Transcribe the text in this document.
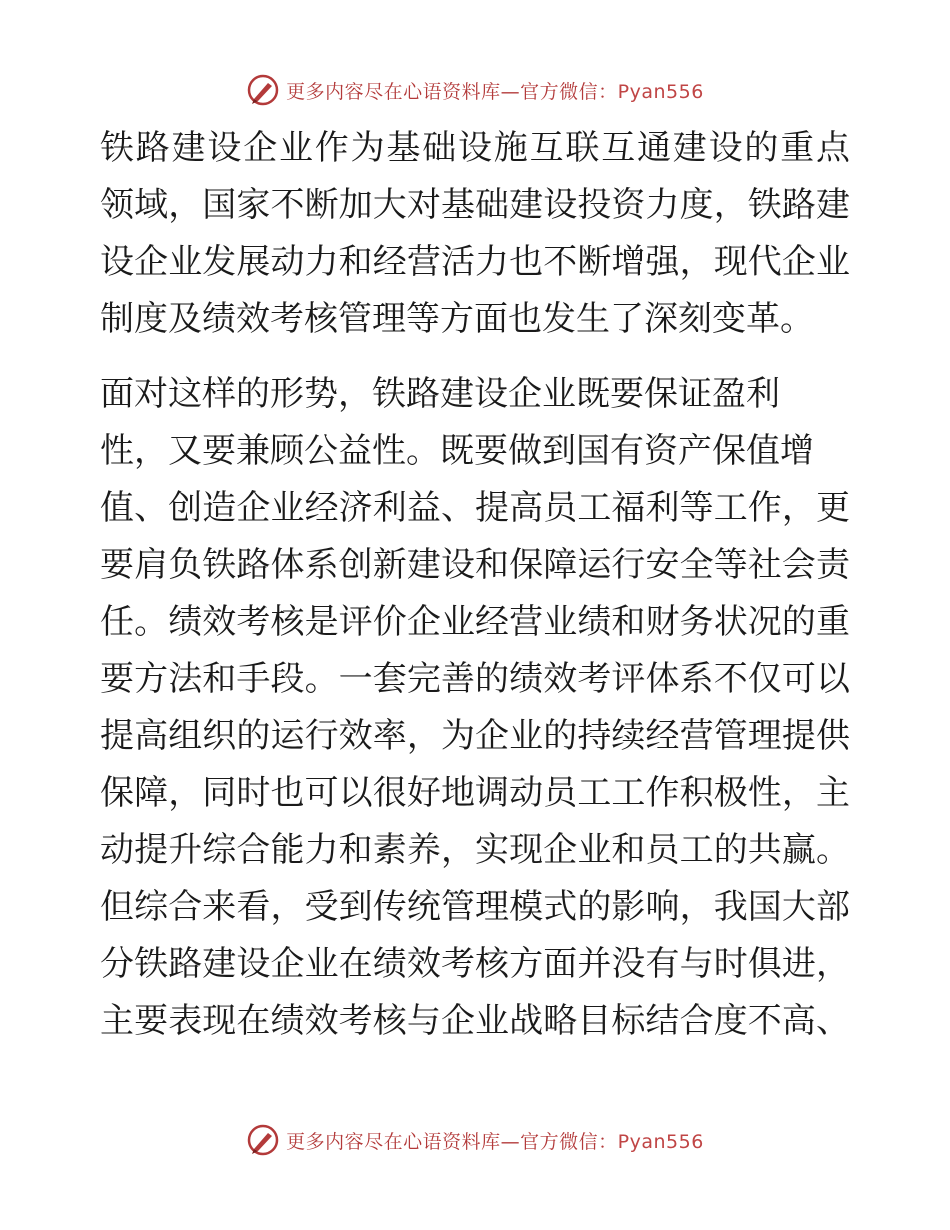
更多内容尽在心语资料库—官方微信：Pyan556
铁路建设企业作为基础设施互联互通建设的重点
领域，国家不断加大对基础建设投资力度，铁路建
设企业发展动力和经营活力也不断增强，现代企业
制度及绩效考核管理等方面也发生了深刻变革。
面对这样的形势，铁路建设企业既要保证盈利
性，又要兼顾公益性。既要做到国有资产保值增
值、创造企业经济利益、提高员工福利等工作，更
要肩负铁路体系创新建设和保障运行安全等社会责
任。绩效考核是评价企业经营业绩和财务状况的重
要方法和手段。一套完善的绩效考评体系不仅可以
提高组织的运行效率，为企业的持续经营管理提供
保障，同时也可以很好地调动员工工作积极性，主
动提升综合能力和素养，实现企业和员工的共赢。
但综合来看，受到传统管理模式的影响，我国大部
分铁路建设企业在绩效考核方面并没有与时俱进，
主要表现在绩效考核与企业战略目标结合度不高、
更多内容尽在心语资料库—官方微信：Pyan556
